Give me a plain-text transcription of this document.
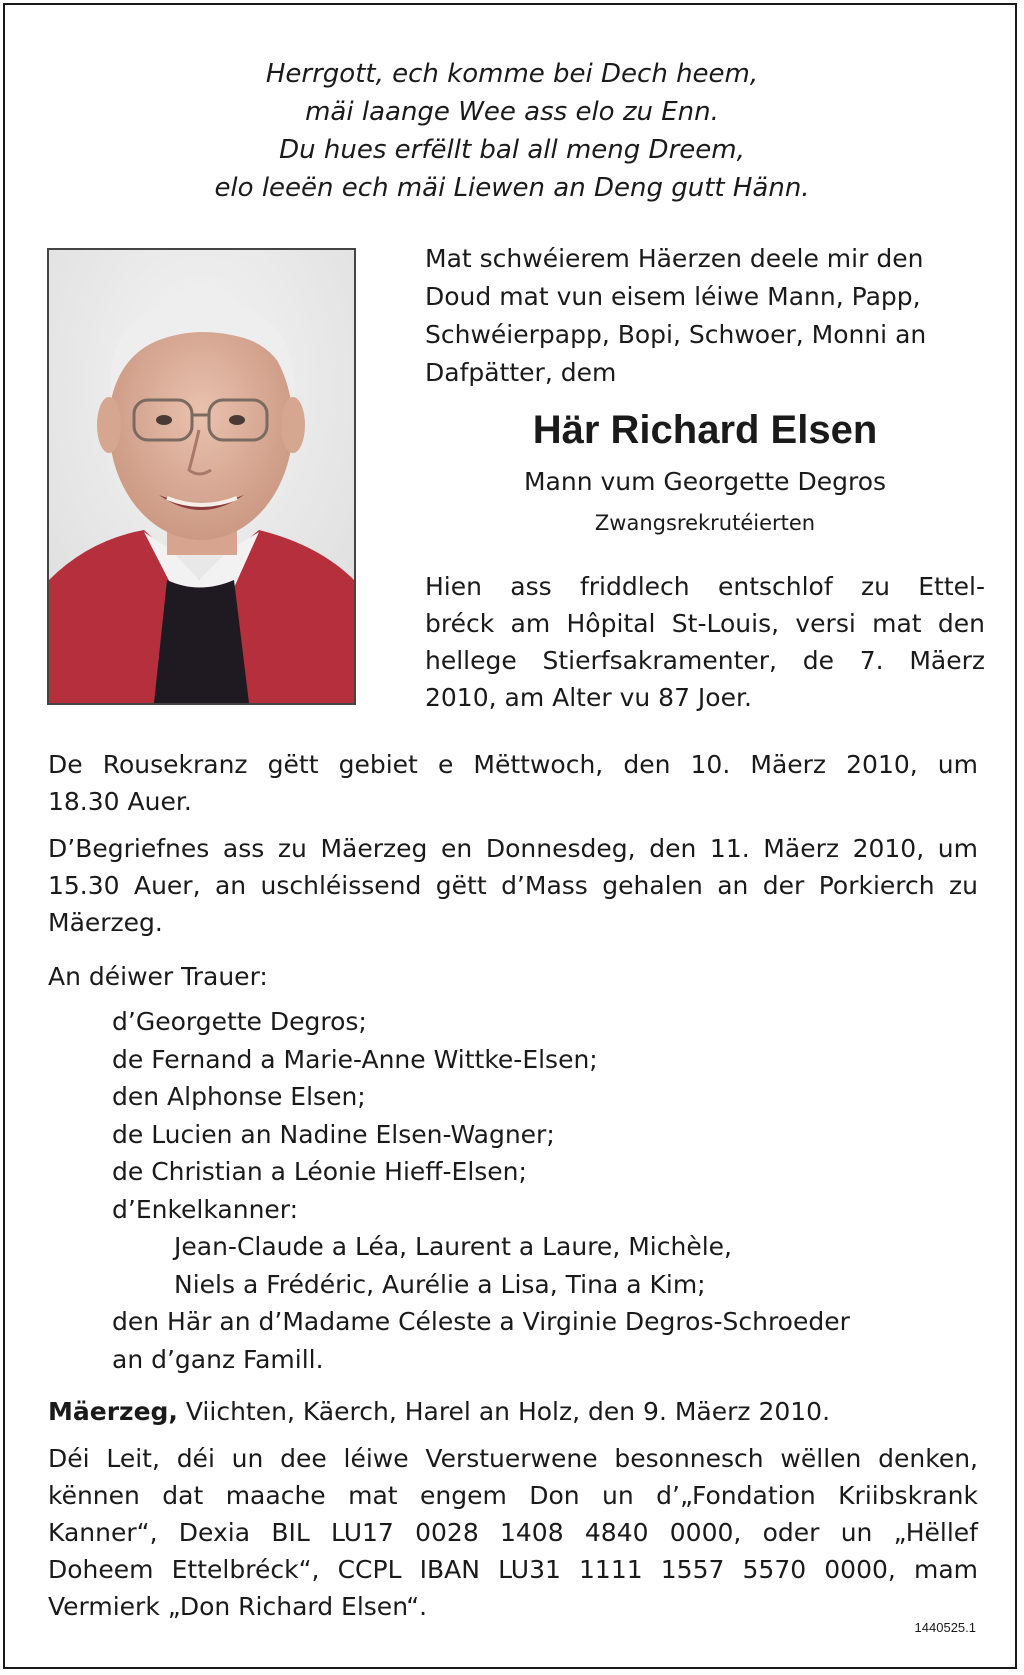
Herrgott, ech komme bei Dech heem,
mäi laange Wee ass elo zu Enn.
Du hues erfëllt bal all meng Dreem,
elo leeën ech mäi Liewen an Deng gutt Hänn.
Mat schwéierem Häerzen deele mir den
Doud mat vun eisem léiwe Mann, Papp,
Schwéierpapp, Bopi, Schwoer, Monni an
Dafpätter, dem
Här Richard Elsen
Mann vum Georgette Degros
Zwangsrekrutéierten
Hien ass friddlech entschlof zu Ettel-
bréck am Hôpital St-Louis, versi mat den
hellege Stierfsakramenter, de 7. Mäerz
2010, am Alter vu 87 Joer.
De Rousekranz gëtt gebiet e Mëttwoch, den 10. Mäerz 2010, um
18.30 Auer.
D’Begriefnes ass zu Mäerzeg en Donnesdeg, den 11. Mäerz 2010, um
15.30 Auer, an uschléissend gëtt d’Mass gehalen an der Porkierch zu
Mäerzeg.
An déiwer Trauer:
d’Georgette Degros;
de Fernand a Marie-Anne Wittke-Elsen;
den Alphonse Elsen;
de Lucien an Nadine Elsen-Wagner;
de Christian a Léonie Hieff-Elsen;
d’Enkelkanner:
Jean-Claude a Léa, Laurent a Laure, Michèle,
Niels a Frédéric, Aurélie a Lisa, Tina a Kim;
den Här an d’Madame Céleste a Virginie Degros-Schroeder
an d’ganz Famill.
Mäerzeg, Viichten, Käerch, Harel an Holz, den 9. Mäerz 2010.
Déi Leit, déi un dee léiwe Verstuerwene besonnesch wëllen denken,
kënnen dat maache mat engem Don un d’„Fondation Kriibskrank
Kanner“, Dexia BIL LU17 0028 1408 4840 0000, oder un „Hëllef
Doheem Ettelbréck“, CCPL IBAN LU31 1111 1557 5570 0000, mam
Vermierk „Don Richard Elsen“.
1440525.1
